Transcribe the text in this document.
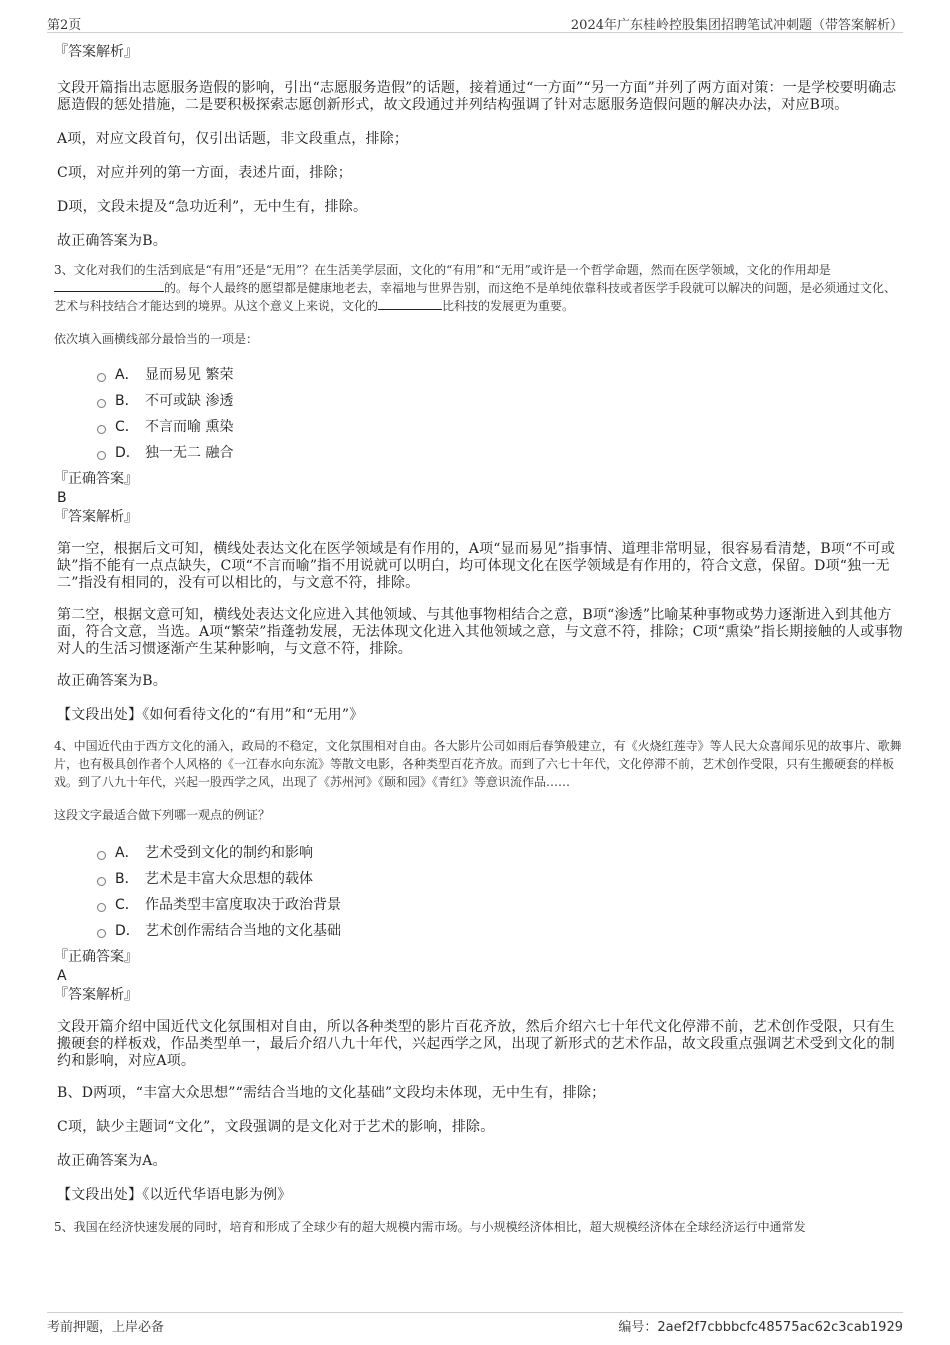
第2页	2024年广东桂岭控股集团招聘笔试冲刺题（带答案解析）

『答案解析』

文段开篇指出志愿服务造假的影响，引出“志愿服务造假”的话题，接着通过“一方面”“另一方面”并列了两方面对策：一是学校要明确志愿造假的惩处措施，二是要积极探索志愿创新形式，故文段通过并列结构强调了针对志愿服务造假问题的解决办法，对应B项。

A项，对应文段首句，仅引出话题，非文段重点，排除；

C项，对应并列的第一方面，表述片面，排除；

D项，文段未提及“急功近利”，无中生有，排除。

故正确答案为B。

3、文化对我们的生活到底是“有用”还是“无用”？在生活美学层面，文化的“有用”和“无用”或许是一个哲学命题，然而在医学领域，文化的作用却是的。每个人最终的愿望都是健康地老去，幸福地与世界告别，而这绝不是单纯依靠科技或者医学手段就可以解决的问题，是必须通过文化、艺术与科技结合才能达到的境界。从这个意义上来说，文化的	比科技的发展更为重要。

依次填入画横线部分最恰当的一项是：

A． 显而易见 繁荣
B． 不可或缺 渗透
C． 不言而喻 熏染
D． 独一无二 融合

『正确答案』

B

『答案解析』

第一空，根据后文可知，横线处表达文化在医学领域是有作用的，A项“显而易见”指事情、道理非常明显，很容易看清楚，B项“不可或缺”指不能有一点点缺失，C项“不言而喻”指不用说就可以明白，均可体现文化在医学领域是有作用的，符合文意，保留。D项“独一无二”指没有相同的，没有可以相比的，与文意不符，排除。

第二空，根据文意可知，横线处表达文化应进入其他领域、与其他事物相结合之意，B项“渗透”比喻某种事物或势力逐渐进入到其他方面，符合文意，当选。A项“繁荣”指蓬勃发展，无法体现文化进入其他领域之意，与文意不符，排除；C项“熏染”指长期接触的人或事物对人的生活习惯逐渐产生某种影响，与文意不符，排除。

故正确答案为B。

【文段出处】《如何看待文化的“有用”和“无用”》

4、中国近代由于西方文化的涌入，政局的不稳定，文化氛围相对自由。各大影片公司如雨后春笋般建立，有《火烧红莲寺》等人民大众喜闻乐见的故事片、歌舞片，也有极具创作者个人风格的《一江春水向东流》等散文电影，各种类型百花齐放。而到了六七十年代，文化停滞不前，艺术创作受限，只有生搬硬套的样板戏。到了八九十年代，兴起一股西学之风，出现了《苏州河》《颐和园》《青红》等意识流作品……

这段文字最适合做下列哪一观点的例证？

A． 艺术受到文化的制约和影响
B． 艺术是丰富大众思想的载体
C． 作品类型丰富度取决于政治背景
D． 艺术创作需结合当地的文化基础

『正确答案』

A

『答案解析』

文段开篇介绍中国近代文化氛围相对自由，所以各种类型的影片百花齐放，然后介绍六七十年代文化停滞不前，艺术创作受限，只有生搬硬套的样板戏，作品类型单一，最后介绍八九十年代，兴起西学之风，出现了新形式的艺术作品，故文段重点强调艺术受到文化的制约和影响，对应A项。

B、D两项，“丰富大众思想”“需结合当地的文化基础”文段均未体现，无中生有，排除；

C项，缺少主题词“文化”，文段强调的是文化对于艺术的影响，排除。

故正确答案为A。

【文段出处】《以近代华语电影为例》

5、我国在经济快速发展的同时，培育和形成了全球少有的超大规模内需市场。与小规模经济体相比，超大规模经济体在全球经济运行中通常发

考前押题，上岸必备	编号：2aef2f7cbbbcfc48575ac62c3cab1929
